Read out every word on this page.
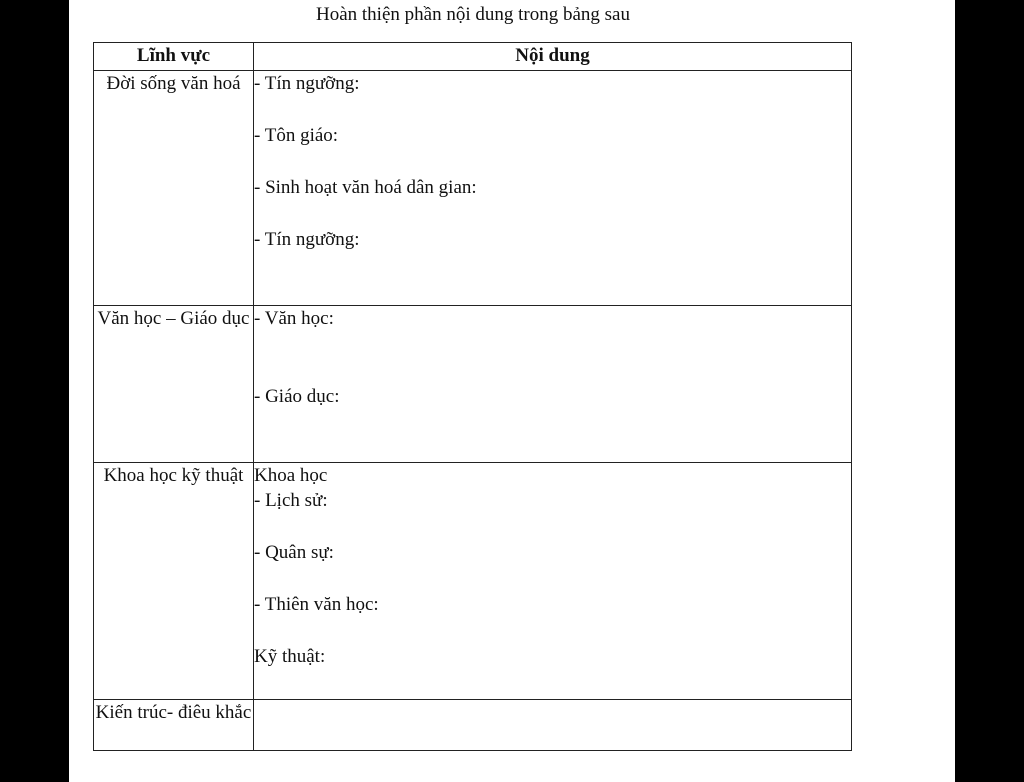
Hoàn thiện phần nội dung trong bảng sau
Lĩnh vực	Nội dung
Đời sống văn hoá	- Tín ngưỡng:
- Tôn giáo:
- Sinh hoạt văn hoá dân gian:
- Tín ngưỡng:

Văn học – Giáo dục	- Văn học:
- Giáo dục:

Khoa học kỹ thuật	Khoa học
- Lịch sử:
- Quân sự:
- Thiên văn học:
Kỹ thuật:

Kiến trúc- điêu khắc	
